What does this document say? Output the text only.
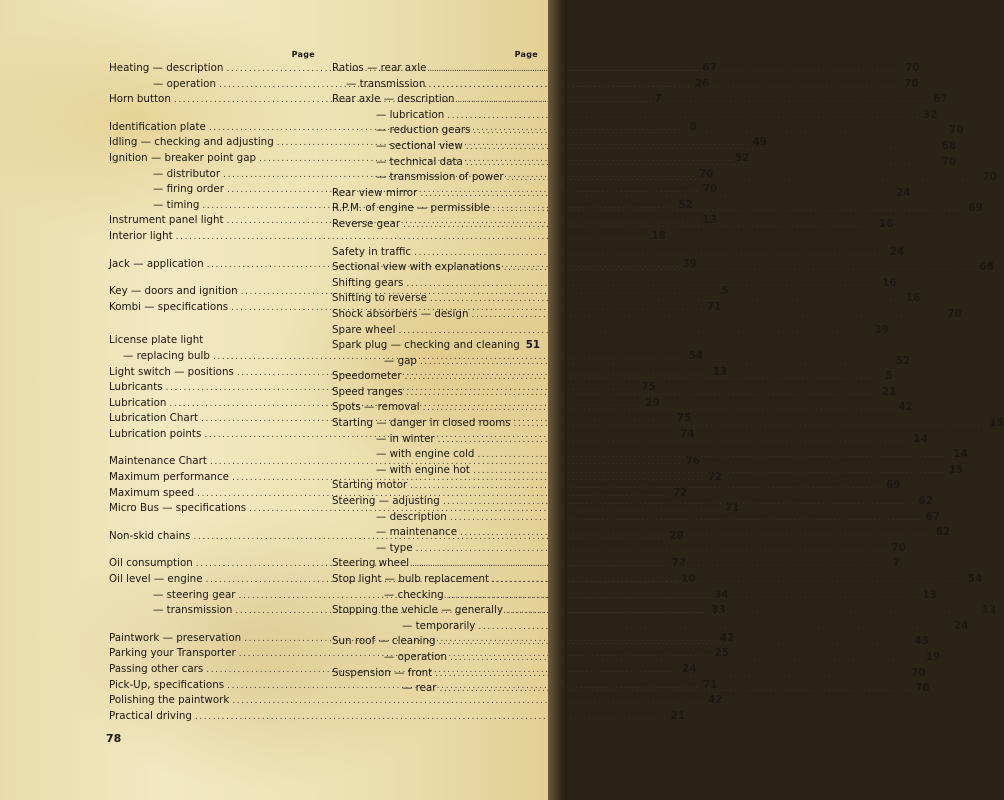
Page
Heating — description .....	67
— operation .....	26
Horn button .....	7
Identification plate .....	8
Idling — checking and adjusting .....	49
Ignition — breaker point gap .....	52
— distributor .....	70
— firing order .....	70
— timing .....	52
Instrument panel light .....	13
Interior light .....	18
Jack — application .....	39
Key — doors and ignition .....	5
Kombi — specifications .....	71
License plate light
— replacing bulb .....	54
Light switch — positions .....	13
Lubricants .....	75
Lubrication .....	29
Lubrication Chart .....	75
Lubrication points .....	74
Maintenance Chart .....	76
Maximum performance .....	72
Maximum speed .....	72
Micro Bus — specifications .....	71
Non-skid chains .....	28
Oil consumption .....	72
Oil level — engine .....	10
— steering gear .....	34
— transmission .....	33
Paintwork — preservation .....	42
Parking your Transporter .....	25
Passing other cars .....	24
Pick-Up, specifications .....	71
Polishing the paintwork .....	42
Practical driving .....	21
Page
Ratios — rear axle .....	70
— transmission .....	70
Rear axle — description .....	67
— lubrication .....	32
— reduction gears .....	70
— sectional view .....	68
— technical data .....	70
— transmission of power .....	70
Rear view mirror .....	24
R.P.M. of engine — permissible .....	69
Reverse gear .....	16
Safety in traffic .....	24
Sectional view with explanations .....	68
Shifting gears .....	16
Shifting to reverse .....	16
Shock absorbers — design .....	70
Spare wheel .....	39
Spark plug — checking and cleaning 51
— gap .....	52
Speedometer .....	5
Speed ranges .....	21
Spots — removal .....	42
Starting — danger in closed rooms .....	15
— in winter .....	14
— with engine cold .....	14
— with engine hot .....	15
Starting motor .....	69
Steering — adjusting .....	62
— description .....	67
— maintenance .....	62
— type .....	70
Steering wheel .....	7
Stop light — bulb replacement .....	54
— checking .....	13
Stopping the vehicle — generally .....	13
— temporarily .....	24
Sun roof — cleaning .....	43
— operation .....	19
Suspension — front .....	70
— rear .....	70
78
